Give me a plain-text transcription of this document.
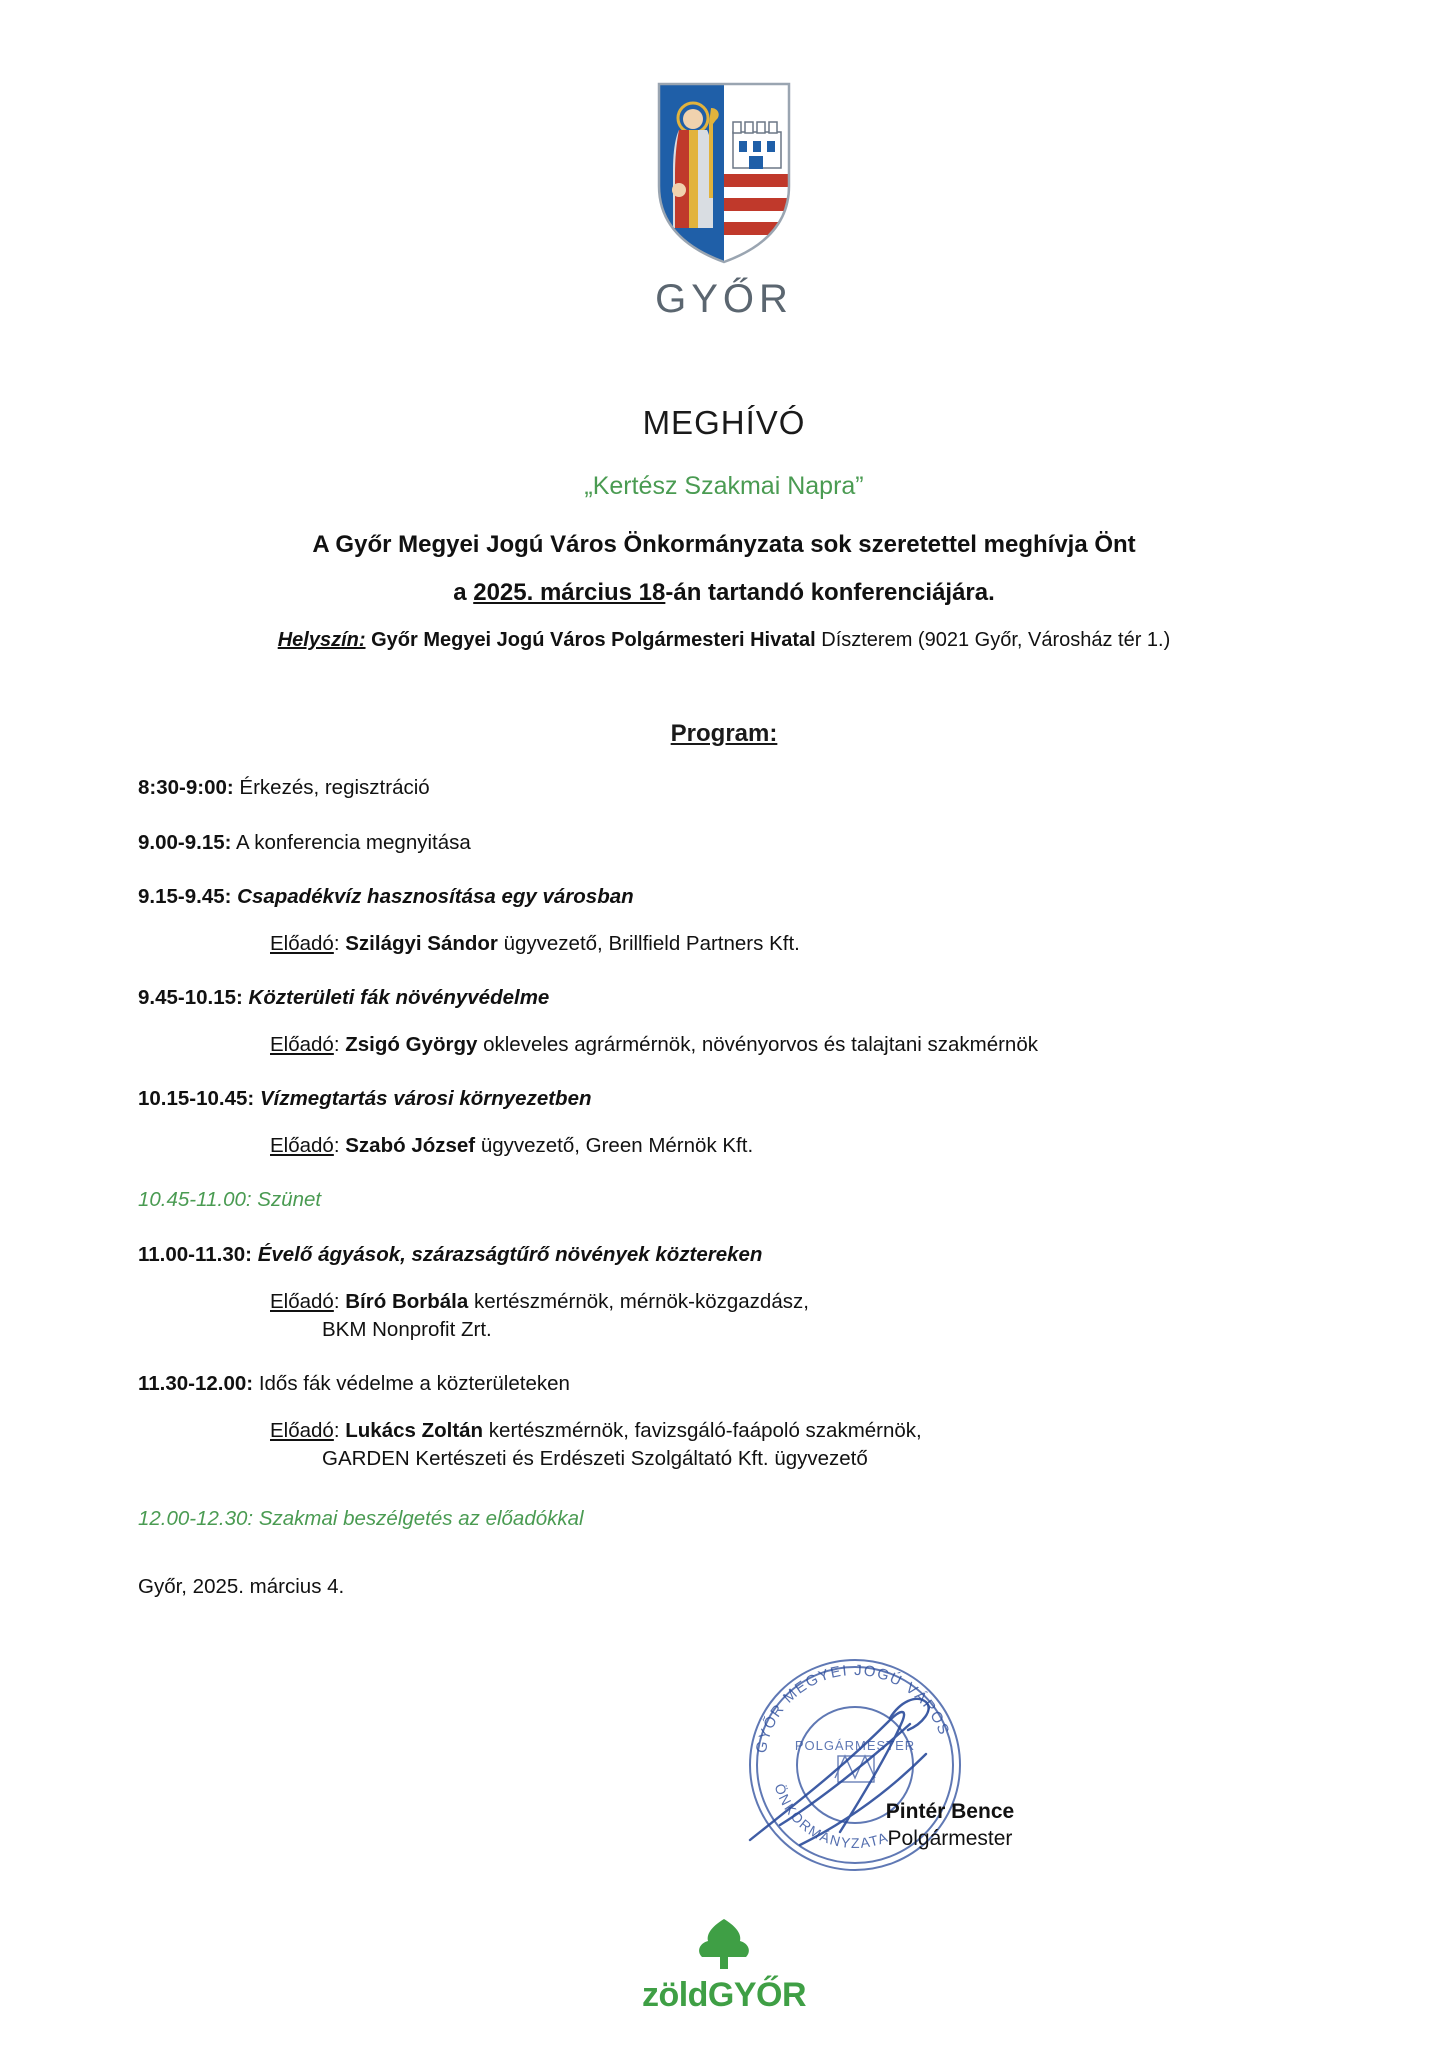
GYŐR
MEGHÍVÓ
„Kertész Szakmai Napra”
A Győr Megyei Jogú Város Önkormányzata sok szeretettel meghívja Önt
a 2025. március 18-án tartandó konferenciájára.
Helyszín: Győr Megyei Jogú Város Polgármesteri Hivatal Díszterem (9021 Győr, Városház tér 1.)
Program:
8:30-9:00: Érkezés, regisztráció
9.00-9.15: A konferencia megnyitása
9.15-9.45: Csapadékvíz hasznosítása egy városban
Előadó: Szilágyi Sándor ügyvezető, Brillfield Partners Kft.
9.45-10.15: Közterületi fák növényvédelme
Előadó: Zsigó György okleveles agrármérnök, növényorvos és talajtani szakmérnök
10.15-10.45: Vízmegtartás városi környezetben
Előadó: Szabó József ügyvezető, Green Mérnök Kft.
10.45-11.00: Szünet
11.00-11.30: Évelő ágyások, szárazságtűrő növények köztereken
Előadó: Bíró Borbála kertészmérnök, mérnök-közgazdász,
BKM Nonprofit Zrt.
11.30-12.00: Idős fák védelme a közterületeken
Előadó: Lukács Zoltán kertészmérnök, favizsgáló-faápoló szakmérnök,
GARDEN Kertészeti és Erdészeti Szolgáltató Kft. ügyvezető
12.00-12.30: Szakmai beszélgetés az előadókkal
Győr, 2025. március 4.
GYŐR MEGYEI JOGÚ VÁROS
ÖNKORMÁNYZATA
POLGÁRMESTER
Pintér Bence
Polgármester
zöldGYŐR
